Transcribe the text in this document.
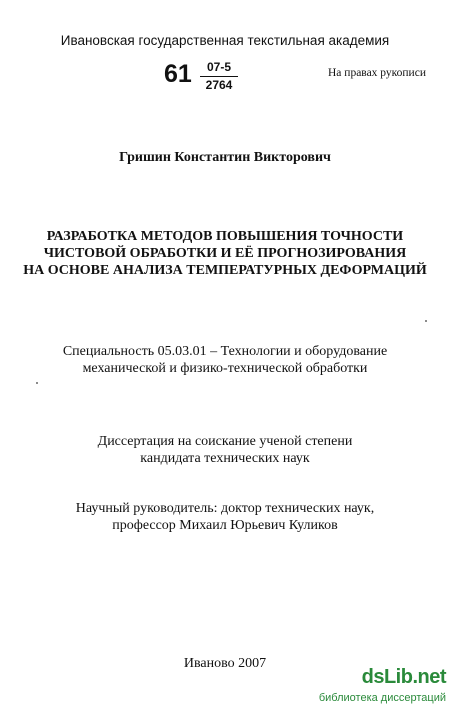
Ивановская государственная текстильная академия
61	07-5
2764
На правах рукописи
Гришин Константин Викторович
РАЗРАБОТКА МЕТОДОВ ПОВЫШЕНИЯ ТОЧНОСТИ
ЧИСТОВОЙ ОБРАБОТКИ И ЕЁ ПРОГНОЗИРОВАНИЯ
НА ОСНОВЕ АНАЛИЗА ТЕМПЕРАТУРНЫХ ДЕФОРМАЦИЙ
Специальность 05.03.01 – Технологии и оборудование
механической и физико-технической обработки
Диссертация на соискание ученой степени
кандидата технических наук
Научный руководитель: доктор технических наук,
профессор Михаил Юрьевич Куликов
Иваново 2007
dsLib.net
библиотека диссертаций
